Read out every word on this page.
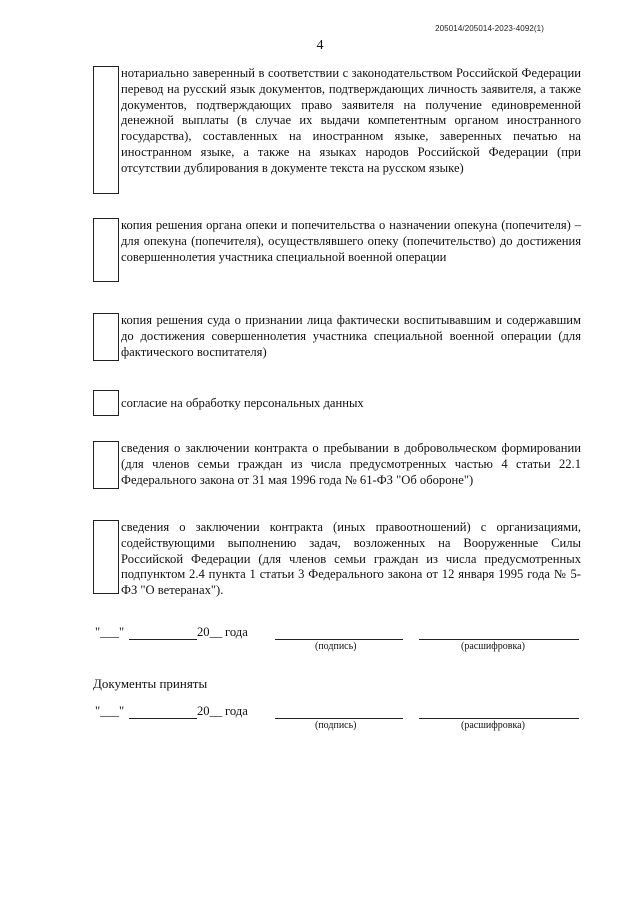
205014/205014-2023-4092(1)
4
нотариально заверенный в соответствии с законодательством Российской Федерации перевод на русский язык документов, подтверждающих личность заявителя, а также документов, подтверждающих право заявителя на получение единовременной денежной выплаты (в случае их выдачи компетентным органом иностранного государства), составленных на иностранном языке, заверенных печатью на иностранном языке, а также на языках народов Российской Федерации (при отсутствии дублирования в документе текста на русском языке)
копия решения органа опеки и попечительства о назначении опекуна (попечителя) – для опекуна (попечителя), осуществлявшего опеку (попечительство) до достижения совершеннолетия участника специальной военной операции
копия решения суда о признании лица фактически воспитывавшим и содержавшим до достижения совершеннолетия участника специальной военной операции (для фактического воспитателя)
согласие на обработку персональных данных
сведения о заключении контракта о пребывании в добровольческом формировании (для членов семьи граждан из числа предусмотренных частью 4 статьи 22.1 Федерального закона от 31 мая 1996 года № 61-ФЗ "Об обороне")
сведения о заключении контракта (иных правоотношений) с организациями, содействующими выполнению задач, возложенных на Вооруженные Силы Российской Федерации (для членов семьи граждан из числа предусмотренных подпунктом 2.4 пункта 1 статьи 3 Федерального закона от 12 января 1995 года № 5-ФЗ "О ветеранах").
"___"	20__ года
(подпись)	(расшифровка)
Документы приняты
"___"	20__ года
(подпись)	(расшифровка)
